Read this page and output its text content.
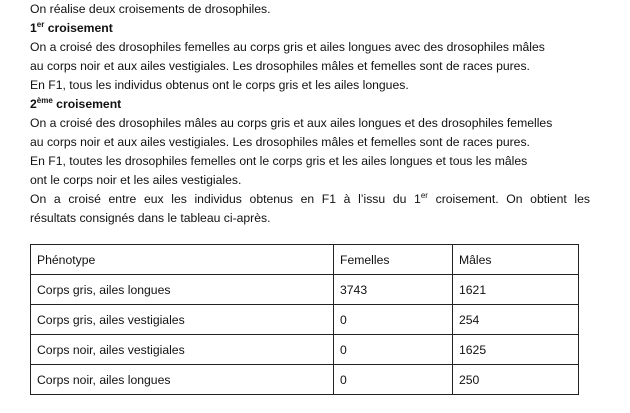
On réalise deux croisements de drosophiles.
1er croisement
On a croisé des drosophiles femelles au corps gris et ailes longues avec des drosophiles mâles
au corps noir et aux ailes vestigiales. Les drosophiles mâles et femelles sont de races pures.
En F1, tous les individus obtenus ont le corps gris et les ailes longues.
2ème croisement
On a croisé des drosophiles mâles au corps gris et aux ailes longues et des drosophiles femelles
au corps noir et aux ailes vestigiales. Les drosophiles mâles et femelles sont de races pures.
En F1, toutes les drosophiles femelles ont le corps gris et les ailes longues et tous les mâles
ont le corps noir et les ailes vestigiales.
On a croisé entre eux les individus obtenus en F1 à l’issu du 1er croisement. On obtient les
résultats consignés dans le tableau ci-après.
Phénotype	Femelles	Mâles
Corps gris, ailes longues	3743	1621
Corps gris, ailes vestigiales	0	254
Corps noir, ailes vestigiales	0	1625
Corps noir, ailes longues	0	250
